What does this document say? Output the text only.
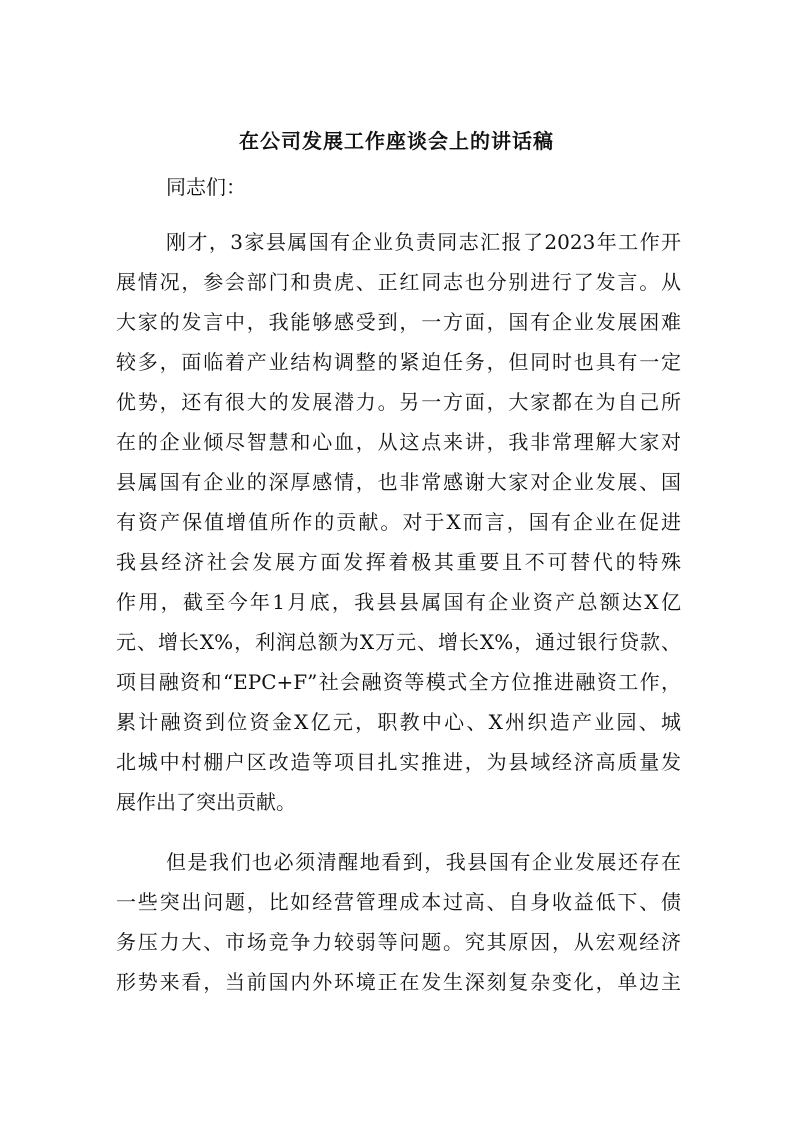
在公司发展工作座谈会上的讲话稿
同志们：
刚才，3家县属国有企业负责同志汇报了2023年工作开
展情况，参会部门和贵虎、正红同志也分别进行了发言。从
大家的发言中，我能够感受到，一方面，国有企业发展困难
较多，面临着产业结构调整的紧迫任务，但同时也具有一定
优势，还有很大的发展潜力。另一方面，大家都在为自己所
在的企业倾尽智慧和心血，从这点来讲，我非常理解大家对
县属国有企业的深厚感情，也非常感谢大家对企业发展、国
有资产保值增值所作的贡献。对于X而言，国有企业在促进
我县经济社会发展方面发挥着极其重要且不可替代的特殊
作用，截至今年1月底，我县县属国有企业资产总额达X亿
元、增长X%，利润总额为X万元、增长X%，通过银行贷款、
项目融资和“EPC+F”社会融资等模式全方位推进融资工作，
累计融资到位资金X亿元，职教中心、X州织造产业园、城
北城中村棚户区改造等项目扎实推进，为县域经济高质量发
展作出了突出贡献。
但是我们也必须清醒地看到，我县国有企业发展还存在
一些突出问题，比如经营管理成本过高、自身收益低下、债
务压力大、市场竞争力较弱等问题。究其原因，从宏观经济
形势来看，当前国内外环境正在发生深刻复杂变化，单边主
